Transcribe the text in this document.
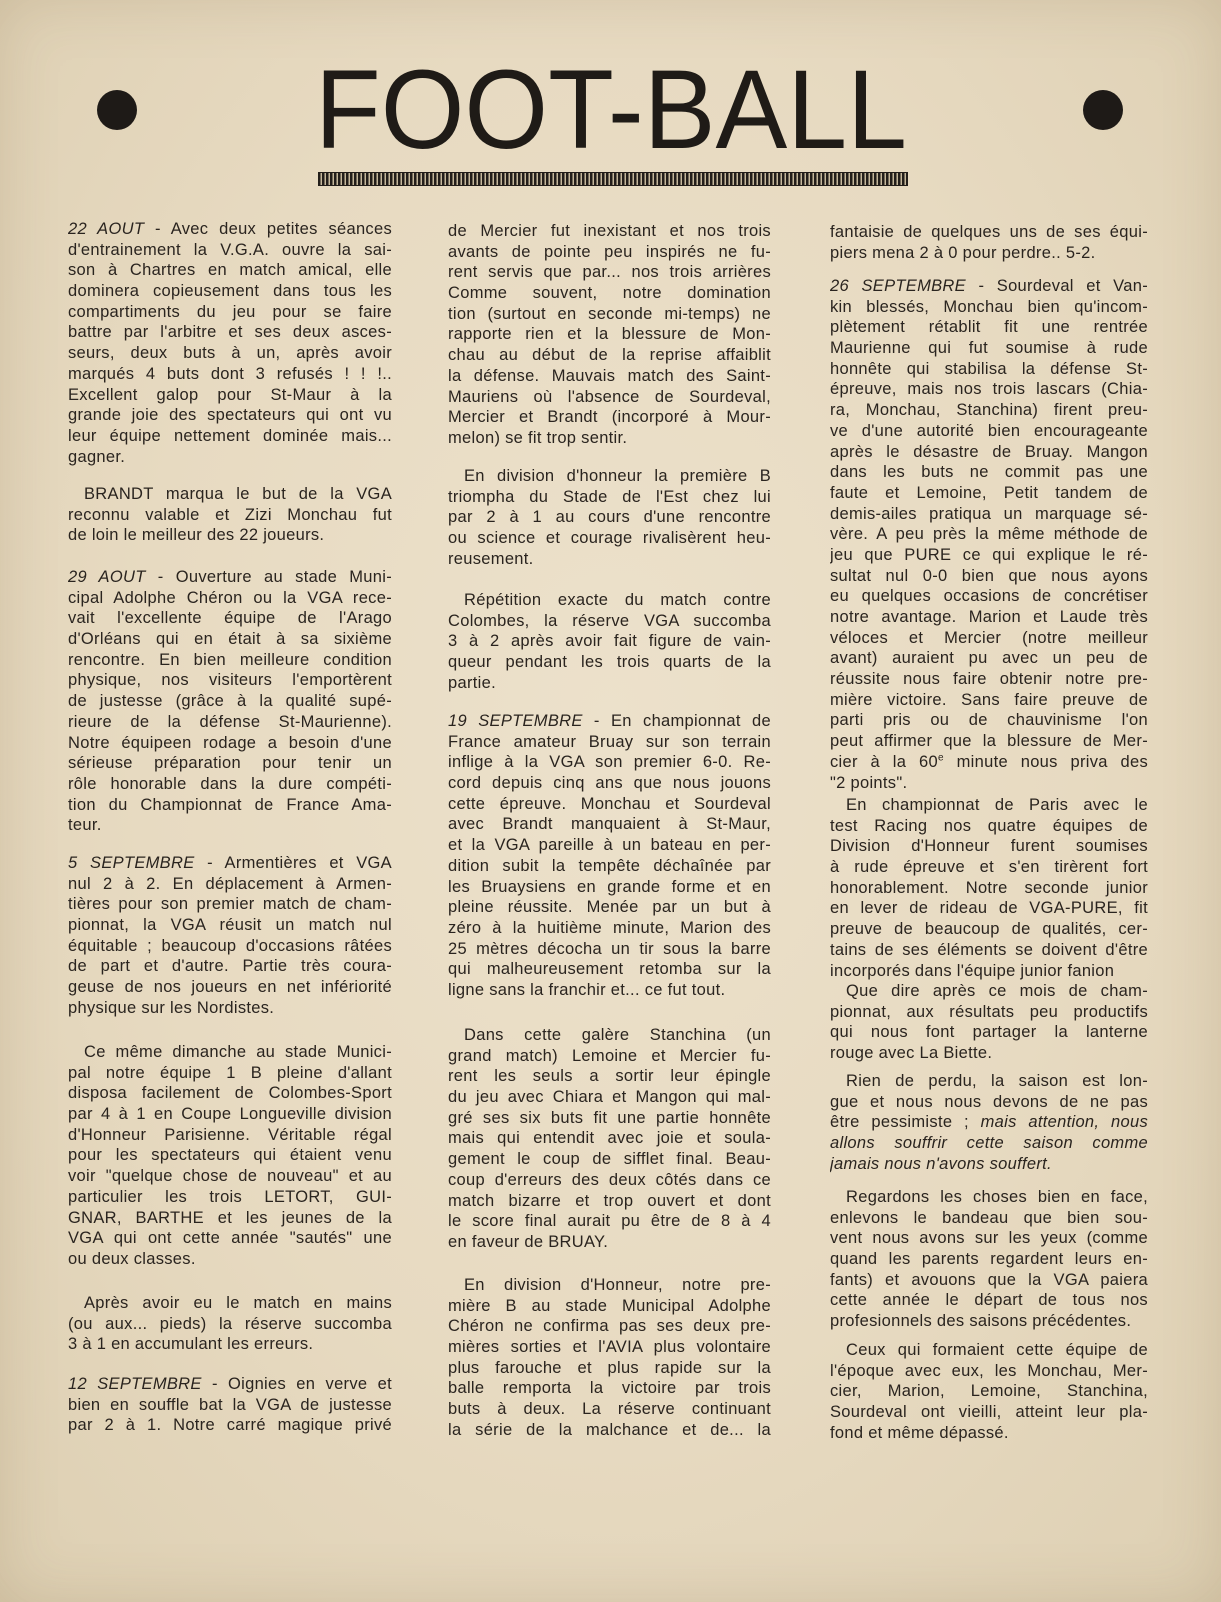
FOOT-BALL
22 AOUT - Avec deux petites séances
d'entrainement la V.G.A. ouvre la sai-
son à Chartres en match amical, elle
dominera copieusement dans tous les
compartiments du jeu pour se faire
battre par l'arbitre et ses deux asces-
seurs, deux buts à un, après avoir
marqués 4 buts dont 3 refusés ! ! !..
Excellent galop pour St-Maur à la
grande joie des spectateurs qui ont vu
leur équipe nettement dominée mais...
gagner.
BRANDT marqua le but de la VGA
reconnu valable et Zizi Monchau fut
de loin le meilleur des 22 joueurs.
29 AOUT - Ouverture au stade Muni-
cipal Adolphe Chéron ou la VGA rece-
vait l'excellente équipe de l'Arago
d'Orléans qui en était à sa sixième
rencontre. En bien meilleure condition
physique, nos visiteurs l'emportèrent
de justesse (grâce à la qualité supé-
rieure de la défense St-Maurienne).
Notre équipeen rodage a besoin d'une
sérieuse préparation pour tenir un
rôle honorable dans la dure compéti-
tion du Championnat de France Ama-
teur.
5 SEPTEMBRE - Armentières et VGA
nul 2 à 2. En déplacement à Armen-
tières pour son premier match de cham-
pionnat, la VGA réusit un match nul
équitable ; beaucoup d'occasions râtées
de part et d'autre. Partie très coura-
geuse de nos joueurs en net infériorité
physique sur les Nordistes.
Ce même dimanche au stade Munici-
pal notre équipe 1 B pleine d'allant
disposa facilement de Colombes-Sport
par 4 à 1 en Coupe Longueville division
d'Honneur Parisienne. Véritable régal
pour les spectateurs qui étaient venu
voir "quelque chose de nouveau" et au
particulier les trois LETORT, GUI-
GNAR, BARTHE et les jeunes de la
VGA qui ont cette année "sautés" une
ou deux classes.
Après avoir eu le match en mains
(ou aux... pieds) la réserve succomba
3 à 1 en accumulant les erreurs.
12 SEPTEMBRE - Oignies en verve et
bien en souffle bat la VGA de justesse
par 2 à 1. Notre carré magique privé
de Mercier fut inexistant et nos trois
avants de pointe peu inspirés ne fu-
rent servis que par... nos trois arrières
Comme souvent, notre domination
tion (surtout en seconde mi-temps) ne
rapporte rien et la blessure de Mon-
chau au début de la reprise affaiblit
la défense. Mauvais match des Saint-
Mauriens où l'absence de Sourdeval,
Mercier et Brandt (incorporé à Mour-
melon) se fit trop sentir.
En division d'honneur la première B
triompha du Stade de l'Est chez lui
par 2 à 1 au cours d'une rencontre
ou science et courage rivalisèrent heu-
reusement.
Répétition exacte du match contre
Colombes, la réserve VGA succomba
3 à 2 après avoir fait figure de vain-
queur pendant les trois quarts de la
partie.
19 SEPTEMBRE - En championnat de
France amateur Bruay sur son terrain
inflige à la VGA son premier 6-0. Re-
cord depuis cinq ans que nous jouons
cette épreuve. Monchau et Sourdeval
avec Brandt manquaient à St-Maur,
et la VGA pareille à un bateau en per-
dition subit la tempête déchaînée par
les Bruaysiens en grande forme et en
pleine réussite. Menée par un but à
zéro à la huitième minute, Marion des
25 mètres décocha un tir sous la barre
qui malheureusement retomba sur la
ligne sans la franchir et... ce fut tout.
Dans cette galère Stanchina (un
grand match) Lemoine et Mercier fu-
rent les seuls a sortir leur épingle
du jeu avec Chiara et Mangon qui mal-
gré ses six buts fit une partie honnête
mais qui entendit avec joie et soula-
gement le coup de sifflet final. Beau-
coup d'erreurs des deux côtés dans ce
match bizarre et trop ouvert et dont
le score final aurait pu être de 8 à 4
en faveur de BRUAY.
En division d'Honneur, notre pre-
mière B au stade Municipal Adolphe
Chéron ne confirma pas ses deux pre-
mières sorties et l'AVIA plus volontaire
plus farouche et plus rapide sur la
balle remporta la victoire par trois
buts à deux. La réserve continuant
la série de la malchance et de... la
fantaisie de quelques uns de ses équi-
piers mena 2 à 0 pour perdre.. 5-2.
26 SEPTEMBRE - Sourdeval et Van-
kin blessés, Monchau bien qu'incom-
plètement rétablit fit une rentrée
Maurienne qui fut soumise à rude
honnête qui stabilisa la défense St-
épreuve, mais nos trois lascars (Chia-
ra, Monchau, Stanchina) firent preu-
ve d'une autorité bien encourageante
après le désastre de Bruay. Mangon
dans les buts ne commit pas une
faute et Lemoine, Petit tandem de
demis-ailes pratiqua un marquage sé-
vère. A peu près la même méthode de
jeu que PURE ce qui explique le ré-
sultat nul 0-0 bien que nous ayons
eu quelques occasions de concrétiser
notre avantage. Marion et Laude très
véloces et Mercier (notre meilleur
avant) auraient pu avec un peu de
réussite nous faire obtenir notre pre-
mière victoire. Sans faire preuve de
parti pris ou de chauvinisme l'on
peut affirmer que la blessure de Mer-
cier à la 60e minute nous priva des
"2 points".
En championnat de Paris avec le
test Racing nos quatre équipes de
Division d'Honneur furent soumises
à rude épreuve et s'en tirèrent fort
honorablement. Notre seconde junior
en lever de rideau de VGA-PURE, fit
preuve de beaucoup de qualités, cer-
tains de ses éléments se doivent d'être
incorporés dans l'équipe junior fanion
Que dire après ce mois de cham-
pionnat, aux résultats peu productifs
qui nous font partager la lanterne
rouge avec La Biette.
Rien de perdu, la saison est lon-
gue et nous nous devons de ne pas
être pessimiste ; mais attention, nous
allons souffrir cette saison comme
jamais nous n'avons souffert.
Regardons les choses bien en face,
enlevons le bandeau que bien sou-
vent nous avons sur les yeux (comme
quand les parents regardent leurs en-
fants) et avouons que la VGA paiera
cette année le départ de tous nos
profesionnels des saisons précédentes.
Ceux qui formaient cette équipe de
l'époque avec eux, les Monchau, Mer-
cier, Marion, Lemoine, Stanchina,
Sourdeval ont vieilli, atteint leur pla-
fond et même dépassé.
